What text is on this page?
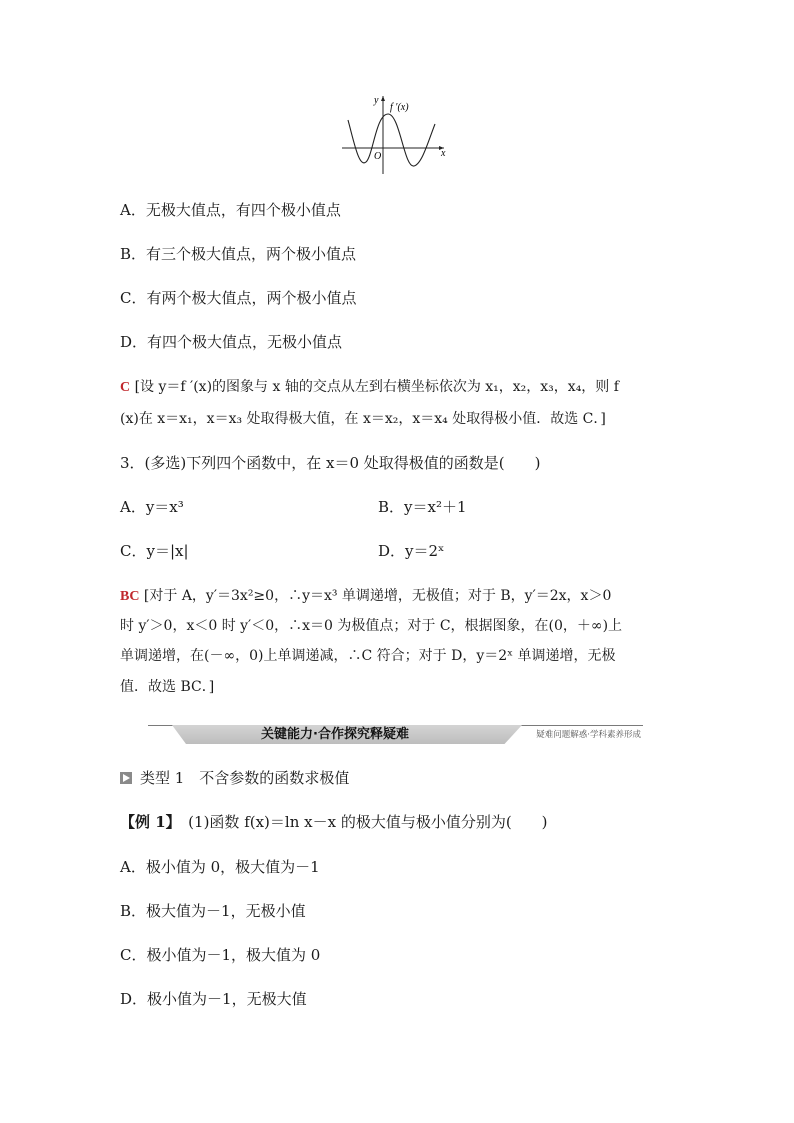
y
f ′(x)
O	x
A．无极大值点，有四个极小值点
B．有三个极大值点，两个极小值点
C．有两个极大值点，两个极小值点
D．有四个极大值点，无极小值点
C [设 y＝f ′(x)的图象与 x 轴的交点从左到右横坐标依次为 x₁，x₂，x₃，x₄，则 f
(x)在 x＝x₁，x＝x₃ 处取得极大值，在 x＝x₂，x＝x₄ 处取得极小值．故选 C．]
3．(多选)下列四个函数中，在 x＝0 处取得极值的函数是(　　)
A．y＝x³	B．y＝x²＋1
C．y＝|x|	D．y＝2ˣ
BC [对于 A，y′＝3x²≥0，∴y＝x³ 单调递增，无极值；对于 B，y′＝2x，x＞0
时 y′＞0，x＜0 时 y′＜0，∴x＝0 为极值点；对于 C，根据图象，在(0，＋∞)上
单调递增，在(－∞，0)上单调递减，∴C 符合；对于 D，y＝2ˣ 单调递增，无极
值．故选 BC．]
关键能力·合作探究释疑难	疑难问题解惑·学科素养形成
类型 1　不含参数的函数求极值
【例 1】　(1)函数 f(x)＝ln x－x 的极大值与极小值分别为(　　)
A．极小值为 0，极大值为－1
B．极大值为－1，无极小值
C．极小值为－1，极大值为 0
D．极小值为－1，无极大值
